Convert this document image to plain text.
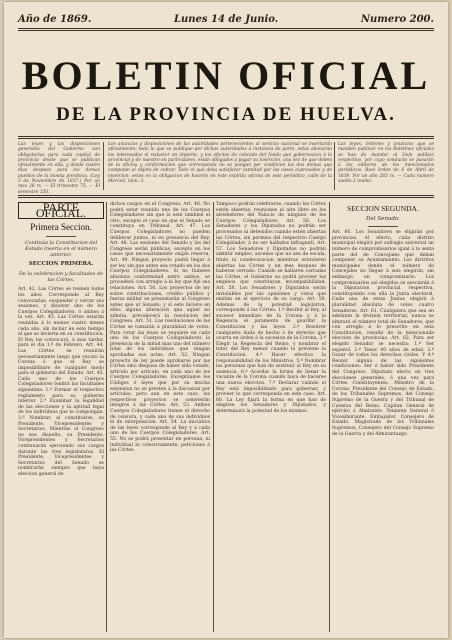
Año de 1869.	Lunes 14 de Junio.	Numero 200.
BOLETIN OFICIAL
DE LA PROVINCIA DE HUELVA.
Las leyes y las disposiciones generales del Gobierno son obligatorias para cada capital de provincia desde que se publican oficialmente en ella, y desde cuatro dias despues para los demas pueblos de la misma provincia. (Ley 3 de Noviembre de 1837.) Por un mes 28 rs. — El trimestre 75. — El semestre 150.
Los anuncios y disposiciones de las autoridades pertenecientes al servicio nacional se insertarán oficialmente; todo lo que se publique por dichas autoridades á instancia de parte, estas abonarán los interesados el redactor en importe, y los efectos de cobrado del fondo que gobernacion á lo provincial y de nuestro en particulares, están obligados á pagar su insercion, una vez de que deben de la oficina y conformacion que corresponda no se pongan por condicion las dos demas que competan al objeto de cobrar. Todo el que deba satisfacer cantidad por las casos expresados y de insercion, estos en la obligacion de hacerlo en este espíritu oficina de este periódico, calle de la Merced, núm. 3.
Las leyes, órdenes y anuncios que se manden publicar en los Boletines oficiales se han de mandar al Gefe político respectivo, por cuyo conducto se pasarán á los editores de los mencionados periódicos. Real órden de 6 de Abril de 1839. Por un año 285 rs. — Cada numero suelto 2 reales.
PARTE OFICIAL.
Primera Seccion.
Continúa la Constitucion del Estado inserta en el número anterior.
SECCION PRIMERA.
De la celebracion y facultades de las Córtes.

Art. 42. Las Córtes se reunen todos los años. Corresponde al Rey convocarlas, suspender y cerrar sus sesiones, y disolver uno de los Cuerpos Colegisladores, ó ambos á la vez. Art. 43. Las Córtes estarán reunidas á lo menos cuatro meses cada año, sin incluir en este tiempo el que se invierta en su constitucion. El Rey las convocará, á mas tardar, para el dia 1.º de Febrero. Art. 44. Las Córtes se reunirán necesariamente luego que vacare la Corona ó que el Rey se imposibilitare de cualquier modo para el gobierno del Estado. Art. 45. Cada uno de los Cuerpos Colegisladores tendrá las facultades siguientes: 1.ª Formar el respectivo reglamento para su gobierno interior. 2.ª Examinar la legalidad de las elecciones y la aptitud legal de los individuos que le compongan. 3.ª Nombrar, al constituirse, su Presidente, Vicepresidentes y Secretarios. Mientras el Congreso no sea disuelto, su Presidente, Vicepresidentes y Secretarios continuarán ejerciendo sus cargos durante las tres legislaturas. El Presidente, Vicepresidentes y Secretarios del Senado se nombrarán siempre que haya eleccion general de

dichos cargos en el Congreso. Art. 46. No podrá estar reunido uno de los Cuerpos Colegisladores sin que lo esté tambien el otro, excepto el caso en que el Senado se constituya en Tribunal. Art. 47. Los Cuerpos Colegisladores no pueden deliberar juntos, ni en presencia del Rey. Art. 48. Las sesiones del Senado y las del Congreso serán públicas, excepto en los casos que necesariamente exijan reserva. Art. 49. Ningun proyecto podrá llegar á ser ley sin que antes sea votado en los dos Cuerpos Colegisladores. Si no hubiere absoluta conformidad entre ambos, se procederá con arreglo á la ley que fije sus relaciones. Art. 50. Los proyectos de ley sobre contribuciones, crédito público y fuerza militar se presentarán al Congreso antes que al Senado; y si este hiciere en ellos alguna alteracion que aquel no admita, prevalecerá la resolucion del Congreso. Art. 51. Las resoluciones de las Córtes se tomarán á pluralidad de votos. Para votar las leyes se requiere en cada uno de los Cuerpos Colegisladores la presencia de la mitad mas uno del número total de los individuos que tengan aprobadas sus actas. Art. 52. Ningun proyecto de ley puede aprobarse por las Córtes sino despues de haber sido votado, artículo por artículo, en cada uno de los Cuerpos Colegisladores. Exceptúanse los Códigos ó leyes que por su mucha extension no se presten á la discusion por artículos; pero aun en este caso, los respectivos proyectos se someterán íntegros á las Córtes. Art. 53. Ambos Cuerpos Colegisladores tienen el derecho de censura, y cada uno de sus individuos el de interpelacion. Art. 54. La iniciativa de las leyes corresponde al Rey y á cada uno de los Cuerpos Colegisladores. Art. 55. No se podrá presentar en persona, ni individual ni colectivamente, peticiones á las Córtes.

Tampoco podrán celebrarse, cuando las Córtes estén abiertas, reuniones al aire libre en los alrededores del Palacio de ninguno de los Cuerpos Colegisladores. Art. 56. Los Senadores y los Diputados no podrán ser procesados ni detenidos cuando estén abiertas las Córtes, sin permiso del respectivo Cuerpo Colegislador, á no ser hallados infraganti. Art. 57. Los Senadores y Diputados no podrán admitir empleo, ascenso que no sea de escala, título ni condecoracion mientras estuvieren abiertas las Córtes y un mes despues de haberse cerrado. Cuando se hallaren cerradas las Córtes, el Gobierno no podrá proveer los empleos que constituyan incompatibilidad. Art. 58. Los Senadores y Diputados serán inviolables por las opiniones y votos que emitan en el ejercicio de su cargo. Art. 59. Ademas de la potestad legislativa, corresponde á las Córtes: 1.º Recibir al Rey, al sucesor inmediato de la Corona y á la Regencia el juramento de guardar la Constitucion y las leyes. 2.º Resolver cualquiera duda de hecho ó de derecho que ocurra en órden á la sucesion de la Corona. 3.º Elegir la Regencia del Reino, y nombrar el tutor del Rey menor cuando lo previene la Constitucion. 4.º Hacer efectiva la responsabilidad de los Ministros. 5.º Nombrar las personas que han de sustituir al Rey en su ausencia. 6.º Acordar la forma de llenar la vacante de la Corona cuando haya de hacerse una nueva eleccion. 7.º Declarar cuándo el Rey está imposibilitado para gobernar, y proveer lo que corresponda en este caso. Art. 60. La Ley fijará la forma en que han de elegirse los Senadores y Diputados, y determinará la potestad de los mismos.

SECCION SEGUNDA.
Del Senado.

Art. 60. Los Senadores se eligirán por provincias. Al efecto, cada distrito municipal elegirá por sufragio universal un número de compromisarios igual á la sexta parte del de Concejales que deban componer su Ayuntamiento. Los distritos municipales donde el número de Concejales no llegue á seis elegirán, sin embargo, un compromisario. Los compromisarios así elegidos se asociarán á la Diputacion provincial respectiva, constituyendo con ella la Junta electoral. Cada una de estas Juntas elegirá á pluralidad absoluta de votos cuatro Senadores. Art. 61. Cualquiera que sea en adelante la division territorial, nunca se alterará el número total de Senadores, que con arreglo á lo prescrito en esta Constitucion, resulte de la mencionada eleccion de provincias. Art. 62. Para ser elegido Senador se necesita: 1.º Ser español. 2.º Tener 40 años de edad. 3.º Gozar de todos los derechos civiles. Y 4.º Reunir alguna de las siguientes condiciones: Ser ó haber sido Presidente del Congreso. Diputado electo en tres elecciones generales, ó una vez para Córtes Constituyentes. Ministro de la Corona. Presidente del Consejo de Estado, de los Tribunales Supremos, del Consejo Supremo de la Guerra y del Tribunal de Cuentas del Reino. Capitan General de ejército ó Almirante. Teniente General ó Vicealmirante. Embajador. Consejero de Estado. Magistrado de los Tribunales Supremos, Consejero del Consejo Supremo de la Guerra y del Almirantazgo.
